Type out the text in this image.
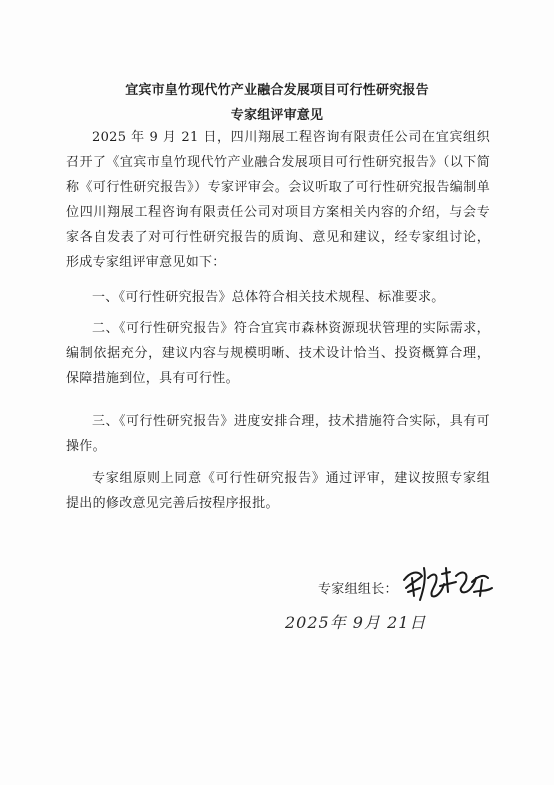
宜宾市皇竹现代竹产业融合发展项目可行性研究报告
专家组评审意见
2025 年 9 月 21 日，四川翔展工程咨询有限责任公司在宜宾组织召开了《宜宾市皇竹现代竹产业融合发展项目可行性研究报告》（以下简称《可行性研究报告》）专家评审会。会议听取了可行性研究报告编制单位四川翔展工程咨询有限责任公司对项目方案相关内容的介绍，与会专家各自发表了对可行性研究报告的质询、意见和建议，经专家组讨论，形成专家组评审意见如下：
一、《可行性研究报告》总体符合相关技术规程、标准要求。
二、《可行性研究报告》符合宜宾市森林资源现状管理的实际需求，编制依据充分，建议内容与规模明晰、技术设计恰当、投资概算合理，保障措施到位，具有可行性。
三、《可行性研究报告》进度安排合理，技术措施符合实际，具有可操作。
专家组原则上同意《可行性研究报告》通过评审，建议按照专家组提出的修改意见完善后按程序报批。
专家组组长：
2025年 9月 21日
